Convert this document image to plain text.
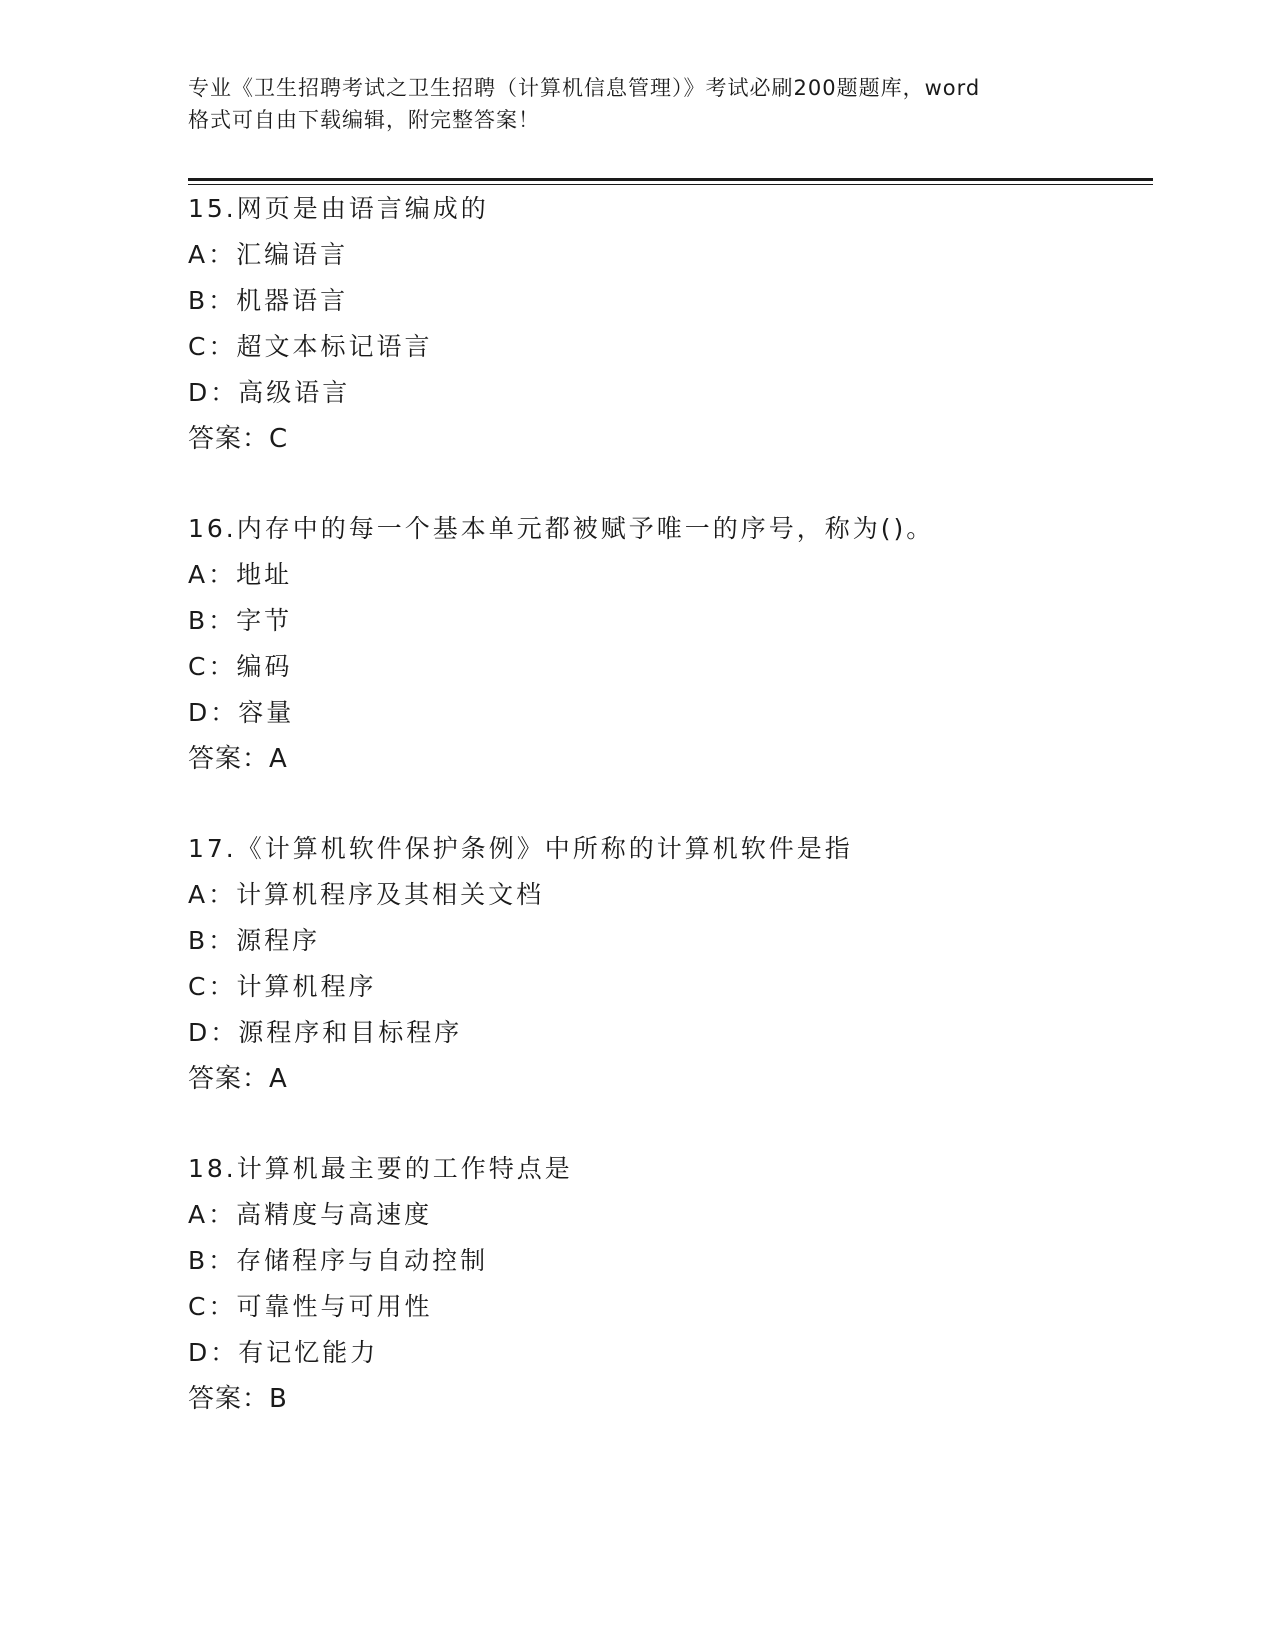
专业《卫生招聘考试之卫生招聘（计算机信息管理）》考试必刷200题题库，word
格式可自由下载编辑，附完整答案！
15.网页是由语言编成的
A：汇编语言
B：机器语言
C：超文本标记语言
D：高级语言
答案：C
16.内存中的每一个基本单元都被赋予唯一的序号，称为()。
A：地址
B：字节
C：编码
D：容量
答案：A
17.《计算机软件保护条例》中所称的计算机软件是指
A：计算机程序及其相关文档
B：源程序
C：计算机程序
D：源程序和目标程序
答案：A
18.计算机最主要的工作特点是
A：高精度与高速度
B：存储程序与自动控制
C：可靠性与可用性
D：有记忆能力
答案：B
